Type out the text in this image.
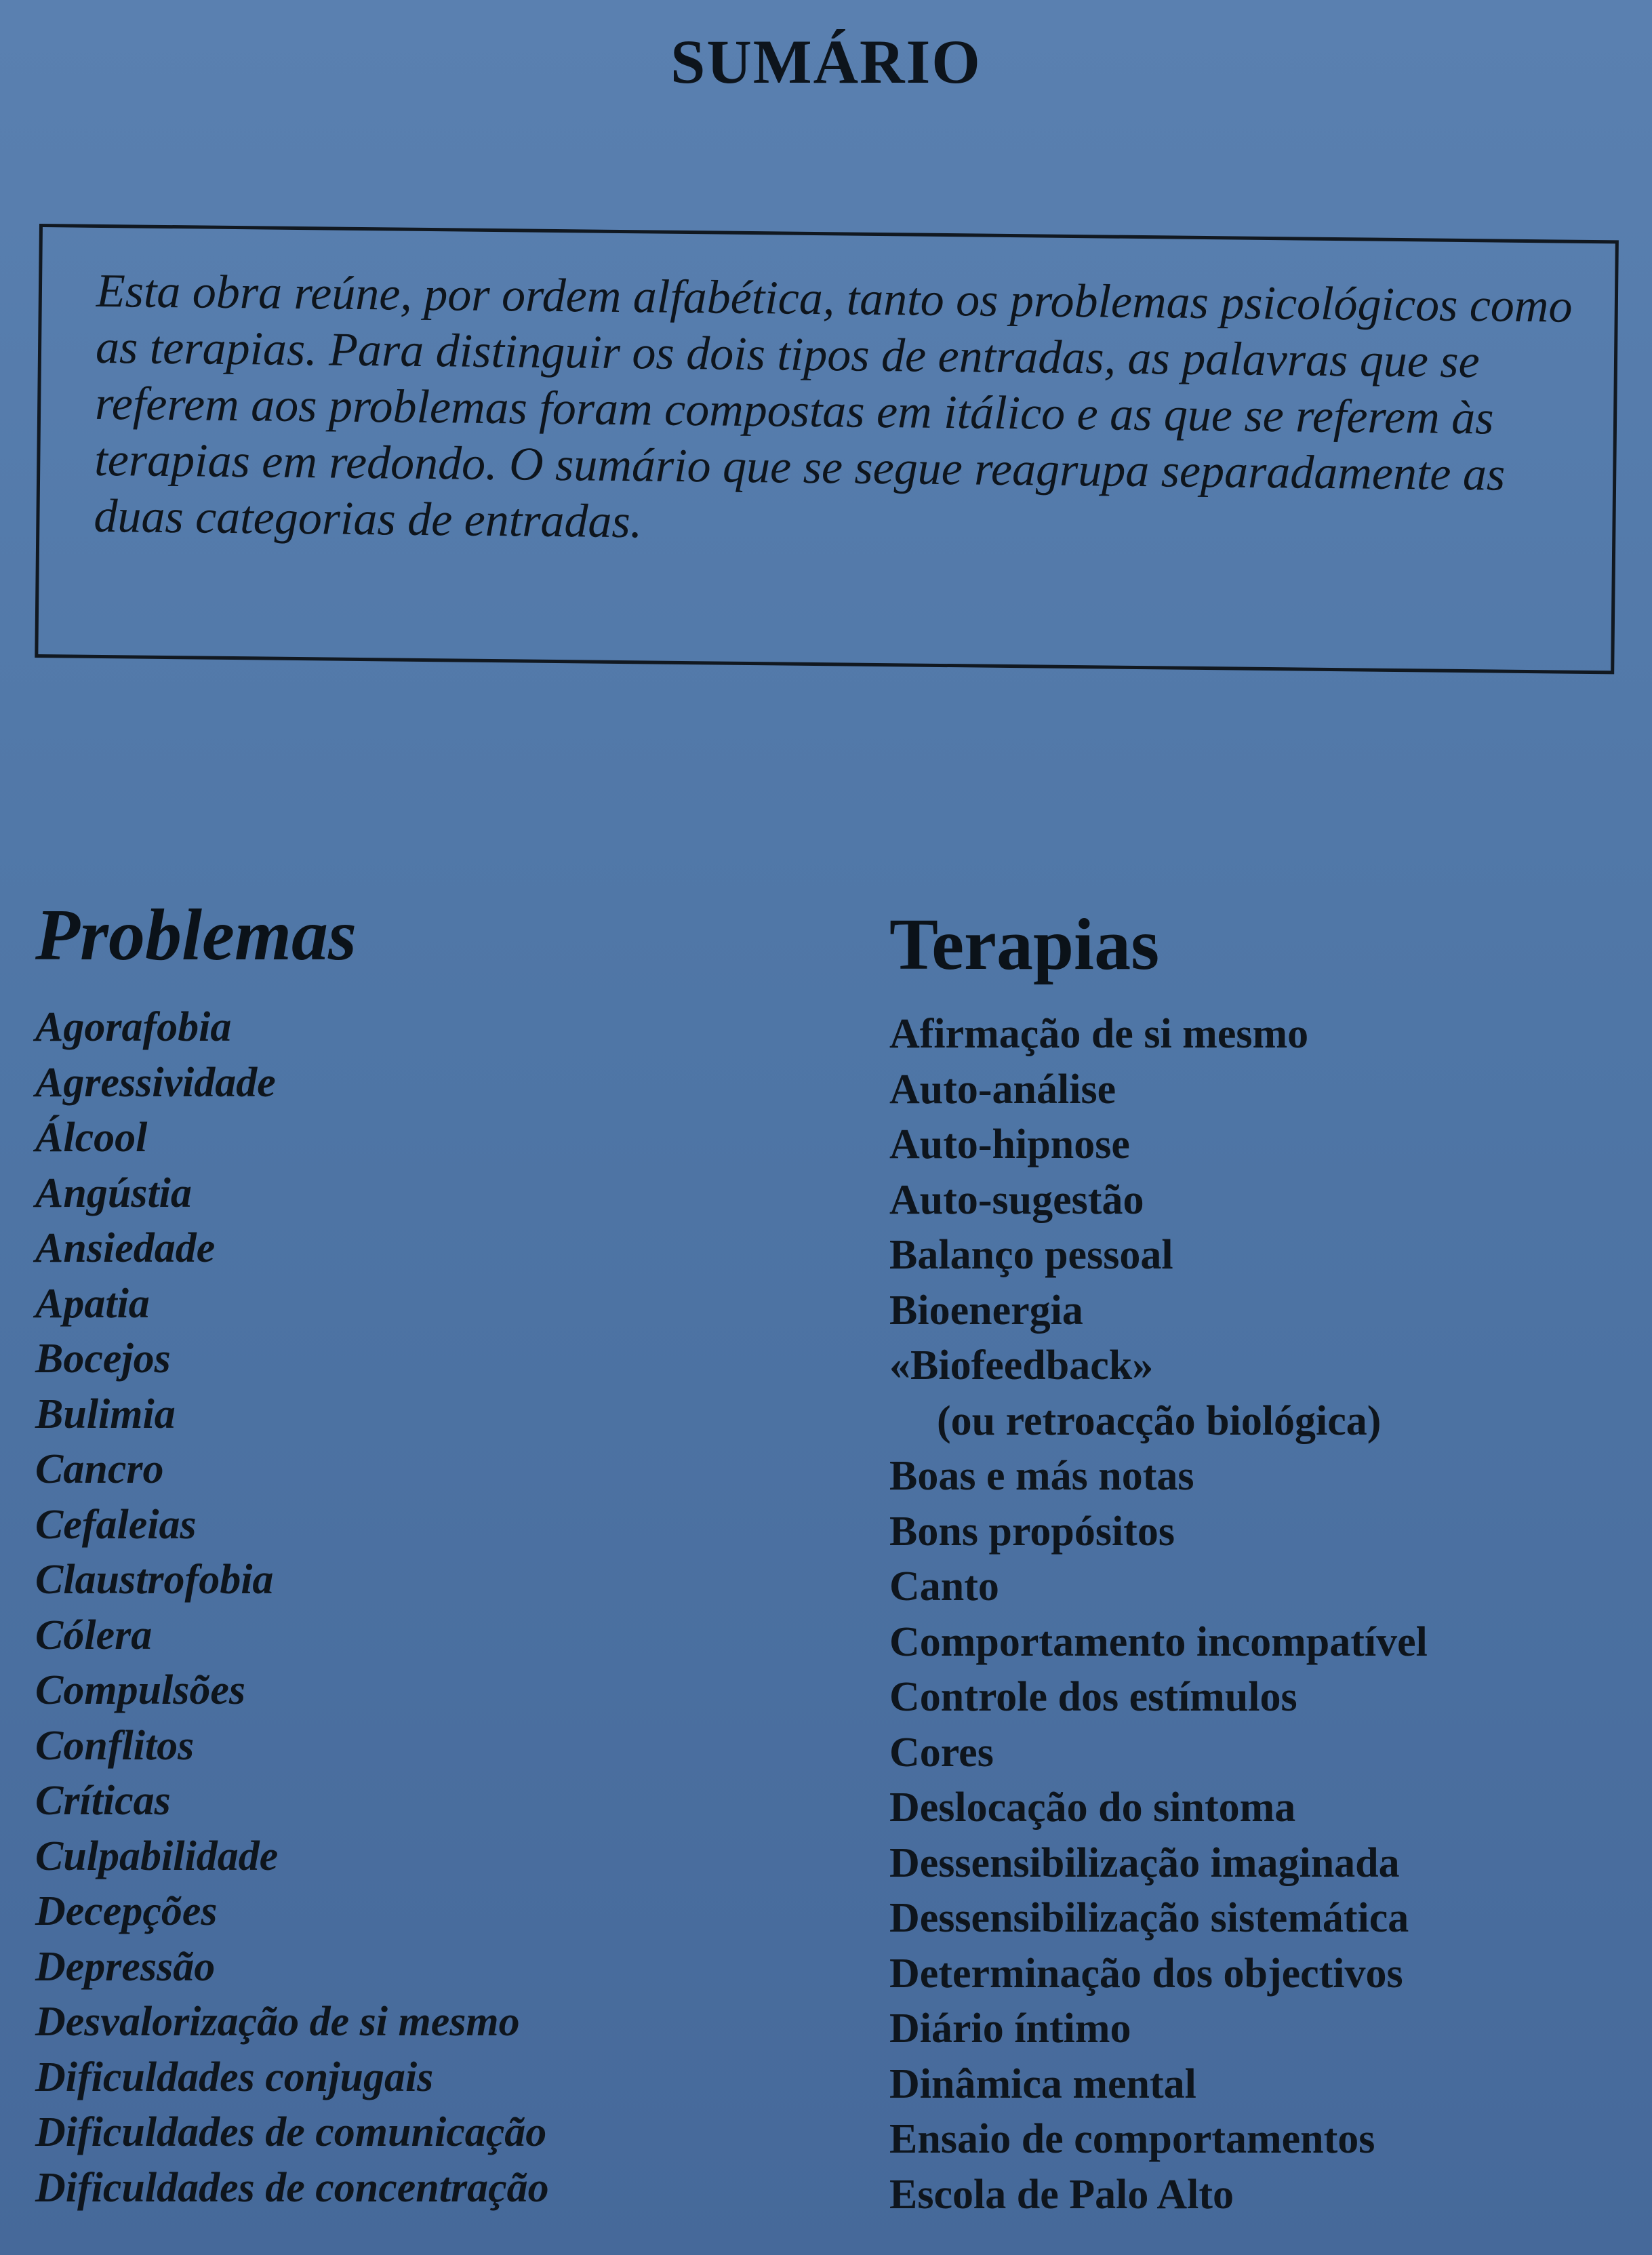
SUMÁRIO

Esta obra reúne, por ordem alfabética, tanto os problemas psicológicos como as terapias. Para distinguir os dois tipos de entradas, as palavras que se referem aos problemas foram compostas em itálico e as que se referem às terapias em redondo. O sumário que se segue reagrupa separadamente as duas categorias de entradas.

Problemas
Agorafobia
Agressividade
Álcool
Angústia
Ansiedade
Apatia
Bocejos
Bulimia
Cancro
Cefaleias
Claustrofobia
Cólera
Compulsões
Conflitos
Críticas
Culpabilidade
Decepções
Depressão
Desvalorização de si mesmo
Dificuldades conjugais
Dificuldades de comunicação
Dificuldades de concentração
Terapias
Afirmação de si mesmo
Auto-análise
Auto-hipnose
Auto-sugestão
Balanço pessoal
Bioenergia
«Biofeedback»
(ou retroacção biológica)
Boas e más notas
Bons propósitos
Canto
Comportamento incompatível
Controle dos estímulos
Cores
Deslocação do sintoma
Dessensibilização imaginada
Dessensibilização sistemática
Determinação dos objectivos
Diário íntimo
Dinâmica mental
Ensaio de comportamentos
Escola de Palo Alto
